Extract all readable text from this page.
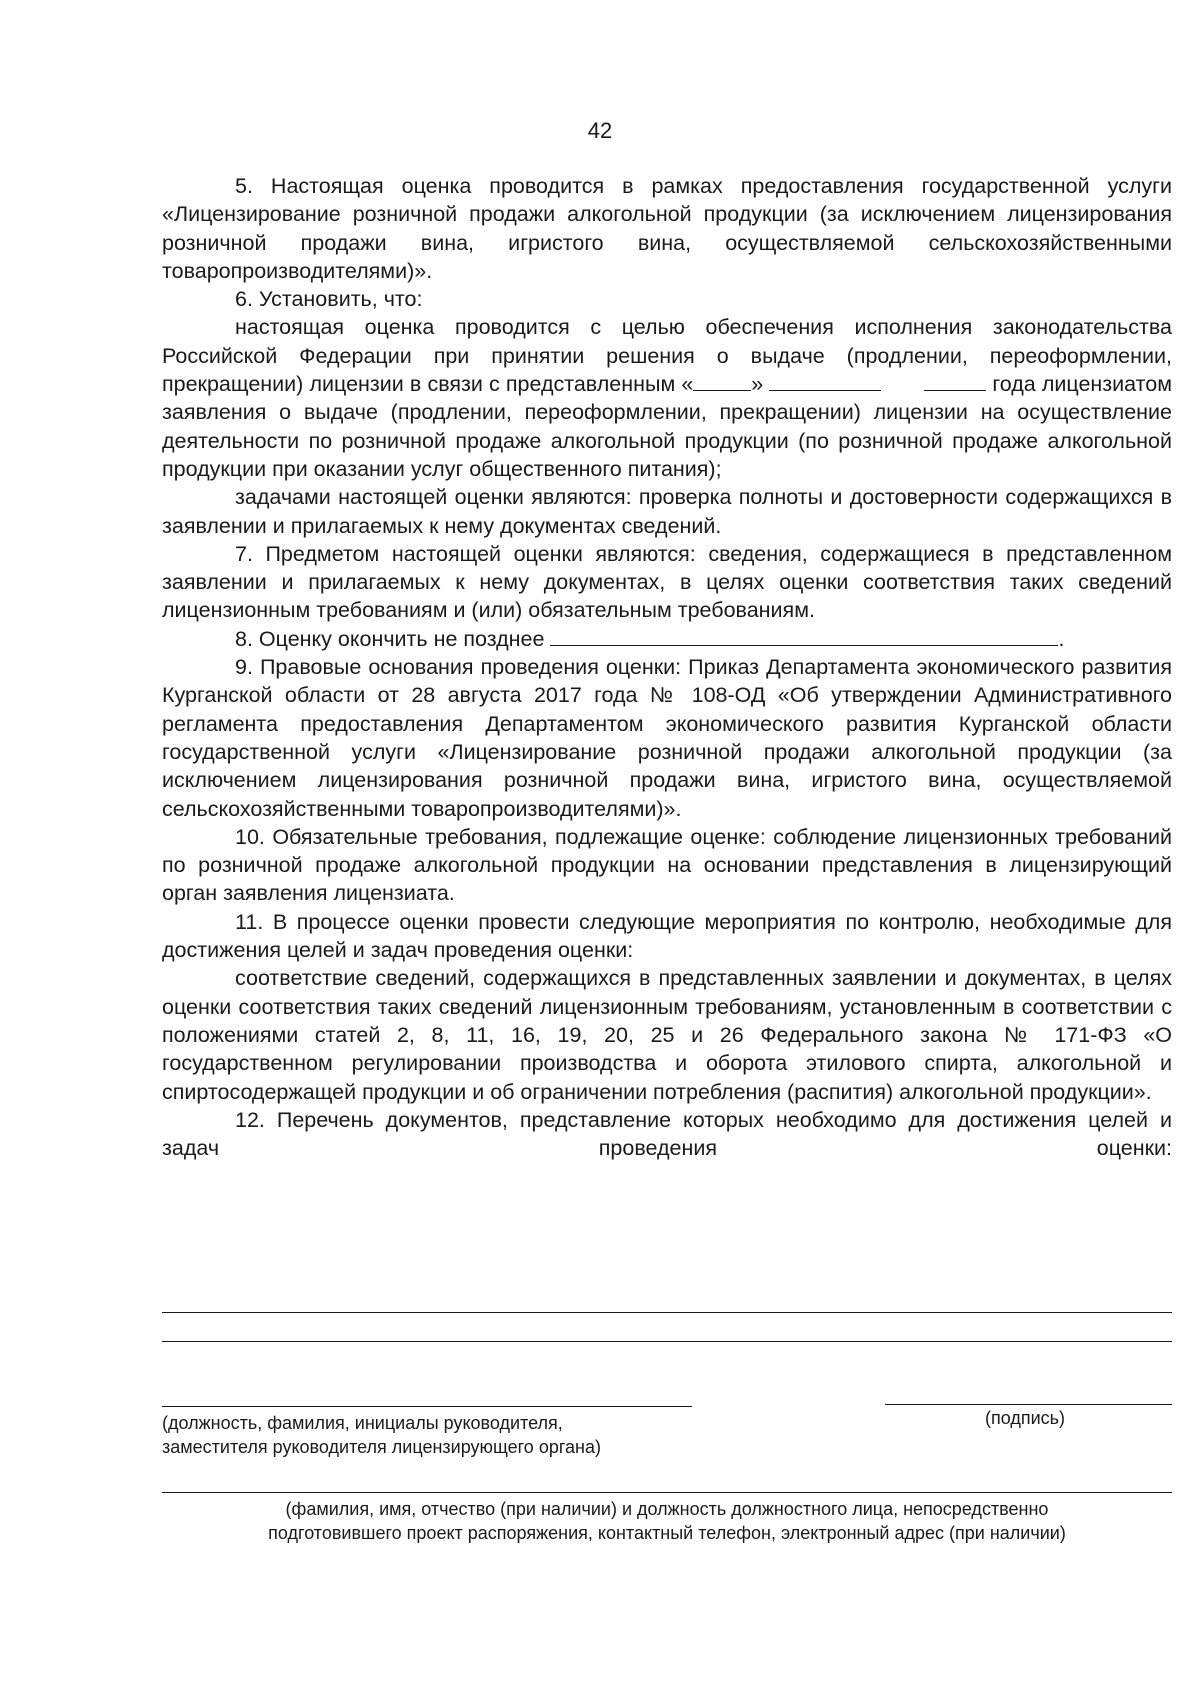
42

5. Настоящая оценка проводится в рамках предоставления государственной услуги «Лицензирование розничной продажи алкогольной продукции (за исключением лицензирования розничной продажи вина, игристого вина, осуществляемой сельскохозяйственными товаропроизводителями)».

6. Установить, что:

настоящая оценка проводится с целью обеспечения исполнения законодательства Российской Федерации при принятии решения о выдаче (продлении, переоформлении, прекращении) лицензии в связи с представленным «	»	года лицензиатом заявления о выдаче (продлении, переоформлении, прекращении) лицензии на осуществление деятельности по розничной продаже алкогольной продукции (по розничной продаже алкогольной продукции при оказании услуг общественного питания);

задачами настоящей оценки являются: проверка полноты и достоверности содержащихся в заявлении и прилагаемых к нему документах сведений.

7. Предметом настоящей оценки являются: сведения, содержащиеся в представленном заявлении и прилагаемых к нему документах, в целях оценки соответствия таких сведений лицензионным требованиям и (или) обязательным требованиям.

8. Оценку окончить не позднее	.

9. Правовые основания проведения оценки: Приказ Департамента экономического развития Курганской области от 28 августа 2017 года № 108-ОД «Об утверждении Административного регламента предоставления Департаментом экономического развития Курганской области государственной услуги «Лицензирование розничной продажи алкогольной продукции (за исключением лицензирования розничной продажи вина, игристого вина, осуществляемой сельскохозяйственными товаропроизводителями)».

10. Обязательные требования, подлежащие оценке: соблюдение лицензионных требований по розничной продаже алкогольной продукции на основании представления в лицензирующий орган заявления лицензиата.

11. В процессе оценки провести следующие мероприятия по контролю, необходимые для достижения целей и задач проведения оценки:

соответствие сведений, содержащихся в представленных заявлении и документах, в целях оценки соответствия таких сведений лицензионным требованиям, установленным в соответствии с положениями статей 2, 8, 11, 16, 19, 20, 25 и 26 Федерального закона № 171-ФЗ «О государственном регулировании производства и оборота этилового спирта, алкогольной и спиртосодержащей продукции и об ограничении потребления (распития) алкогольной продукции».

12. Перечень документов, представление которых необходимо для достижения целей и задач проведения оценки:

(должность, фамилия, инициалы руководителя,
заместителя руководителя лицензирующего органа)
(подпись)
(фамилия, имя, отчество (при наличии) и должность должностного лица, непосредственно
подготовившего проект распоряжения, контактный телефон, электронный адрес (при наличии)
